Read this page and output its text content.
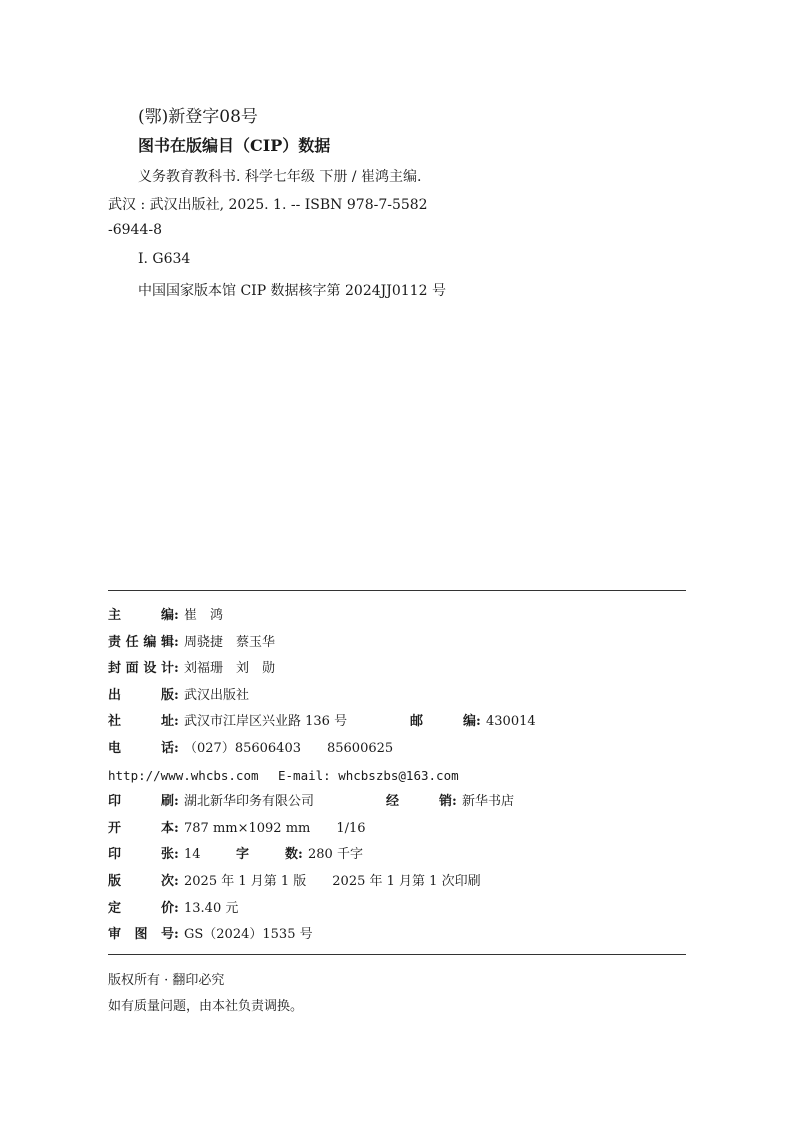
(鄂)新登字08号
图书在版编目（CIP）数据
义务教育教科书. 科学七年级 下册 / 崔鸿主编.
武汉 : 武汉出版社, 2025. 1. -- ISBN 978-7-5582
-6944-8
Ⅰ. G634
中国国家版本馆 CIP 数据核字第 2024JJ0112 号
主编 : 崔　鸿
责任编辑 : 周骁捷　蔡玉华
封面设计 : 刘福珊　刘　勋
出版 : 武汉出版社
社址 : 武汉市江岸区兴业路 136 号	邮编 : 430014
电话 : （027）85606403　　85600625
http://www.whcbs.com	E-mail: whcbszbs@163.com
印刷 : 湖北新华印务有限公司	经销 : 新华书店
开本 : 787 mm×1092 mm　　1/16
印张 : 14	字数 : 280 千字
版次 : 2025 年 1 月第 1 版　　2025 年 1 月第 1 次印刷
定价 : 13.40 元
审图号 : GS（2024）1535 号
版权所有 · 翻印必究
如有质量问题，由本社负责调换。
